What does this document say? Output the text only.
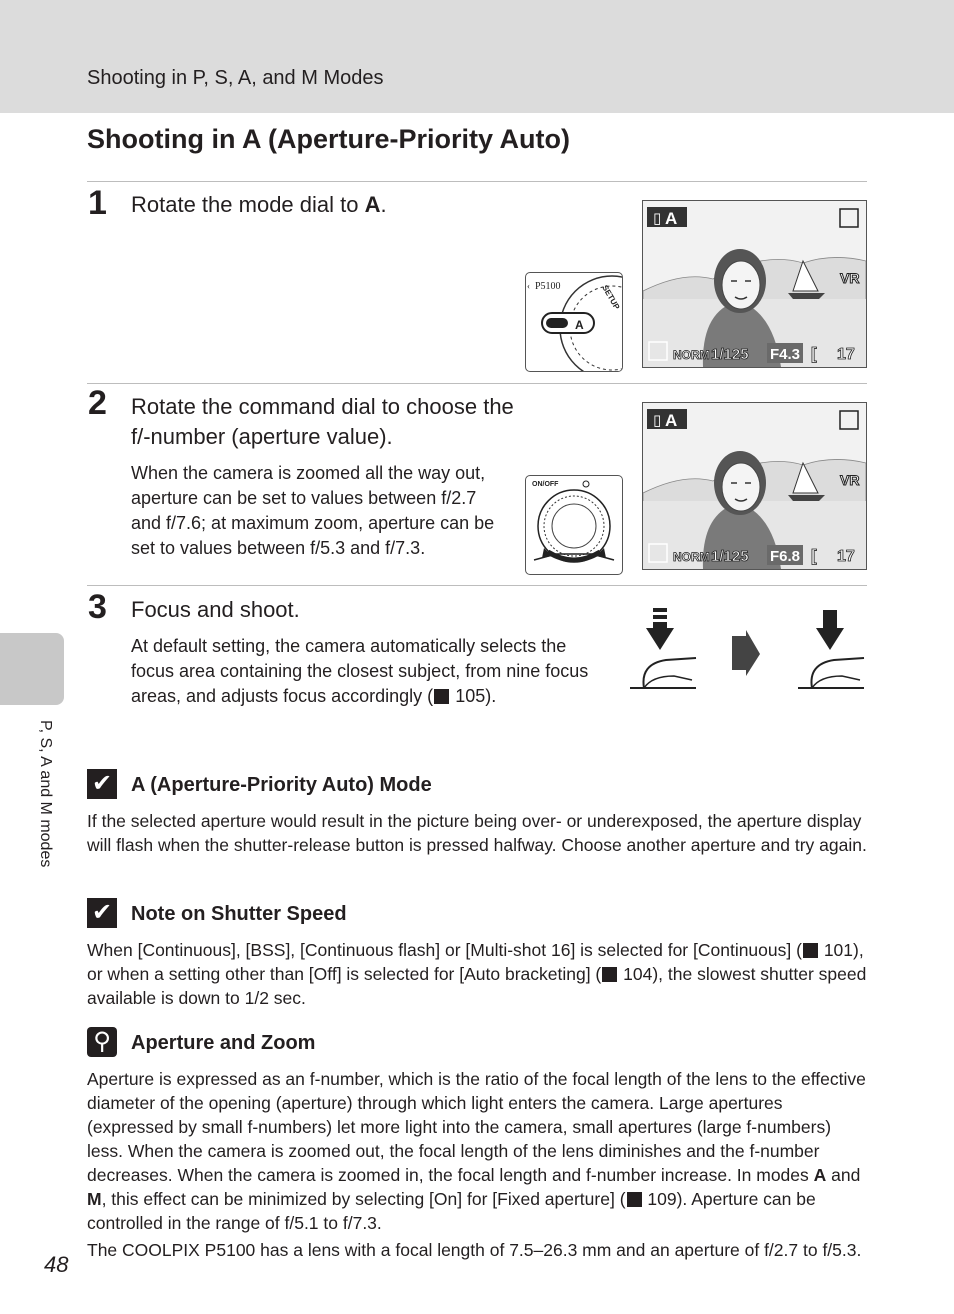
Shooting in P, S, A, and M Modes
Shooting in A (Aperture-Priority Auto)
1 Rotate the mode dial to A.
‹ P5100	SETUP
A
▯ A
VR
NORM 1/125 F4.3 [ 17
2 Rotate the command dial to choose the f/-number (aperture value).
When the camera is zoomed all the way out, aperture can be set to values between f/2.7 and f/7.6; at maximum zoom, aperture can be set to values between f/5.3 and f/7.3.
ON/OFF
▯ A
VR
NORM 1/125 F6.8 [ 17
3 Focus and shoot.
At default setting, the camera automatically selects the focus area containing the closest subject, from nine focus areas, and adjusts focus accordingly ( 105).
✔ A (Aperture-Priority Auto) Mode
If the selected aperture would result in the picture being over- or underexposed, the aperture display will flash when the shutter-release button is pressed halfway. Choose another aperture and try again.
✔ Note on Shutter Speed
When [Continuous], [BSS], [Continuous flash] or [Multi-shot 16] is selected for [Continuous] ( 101), or when a setting other than [Off] is selected for [Auto bracketing] ( 104), the slowest shutter speed available is down to 1/2 sec.
⚲	Aperture and Zoom
Aperture is expressed as an f-number, which is the ratio of the focal length of the lens to the effective diameter of the opening (aperture) through which light enters the camera. Large apertures (expressed by small f-numbers) let more light into the camera, small apertures (large f-numbers) less. When the camera is zoomed out, the focal length of the lens diminishes and the f-number decreases. When the camera is zoomed in, the focal length and f-number increase. In modes A and M, this effect can be minimized by selecting [On] for [Fixed aperture] ( 109). Aperture can be controlled in the range of f/5.1 to f/7.3.
The COOLPIX P5100 has a lens with a focal length of 7.5–26.3 mm and an aperture of f/2.7 to f/5.3.
P, S, A and M modes
48
